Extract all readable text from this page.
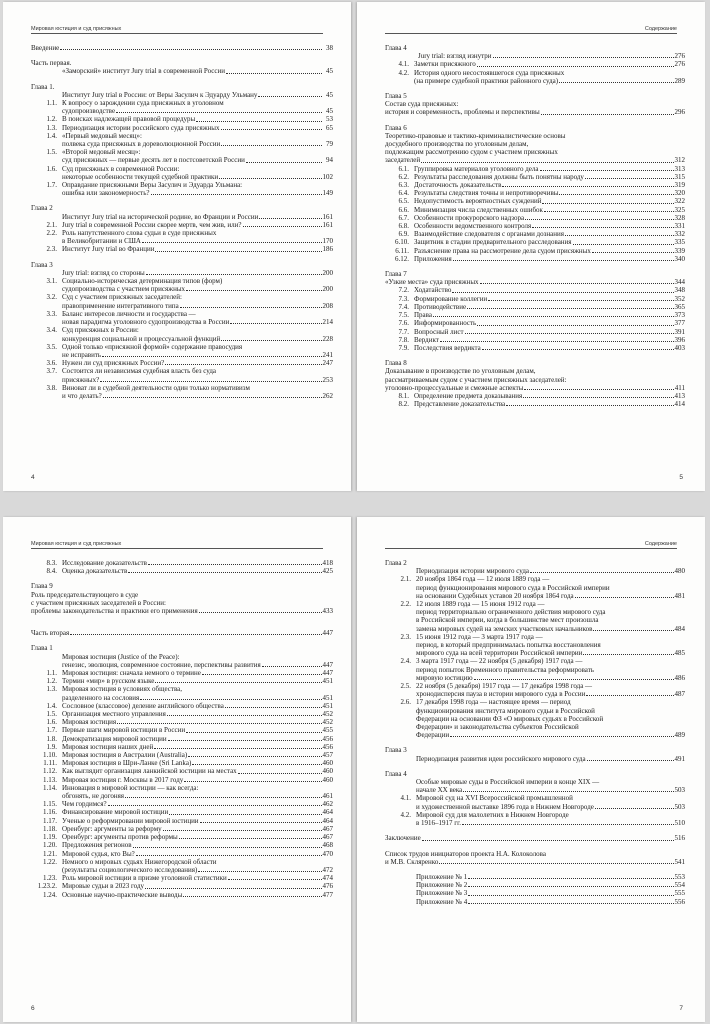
Мировая юстиция и суд присяжных
Введение	38
Часть первая.
«Заморский» институт Jury trial в современной России	45
Глава 1.
Институт Jury trial в России: от Веры Засулич к Эдуарду Ульману	45
1.1. К вопросу о зарождении суда присяжных в уголовном
судопроизводстве	45
1.2. В поисках надлежащей правовой процедуры	53
1.3. Периодизация истории российского суда присяжных	65
1.4. «Первый медовый месяц»:
полвека суда присяжных в дореволюционной России	79
1.5. «Второй медовый месяц»:
суд присяжных — первые десять лет в постсоветской России	94
1.6. Суд присяжных в современной России:
некоторые особенности текущей судебной практики	102
1.7. Оправдание присяжными Веры Засулич и Эдуарда Ульмана:
ошибка или закономерность?	149
Глава 2
Институт Jury trial на исторической родине, во Франции и России	161
2.1. Jury trial в современной России скорее мертв, чем жив, или?	161
2.2. Роль напутственного слова судьи в суде присяжных
в Великобритании и США	170
2.3. Институт Jury trial во Франции	186
Глава 3
Jury trial: взгляд со стороны	200
3.1. Социально-историческая детерминация типов (форм)
судопроизводства с участием присяжных	200
3.2. Суд с участием присяжных заседателей:
правоприменение интегративного типа	208
3.3. Баланс интересов личности и государства —
новая парадигма уголовного судопроизводства в России	214
3.4. Суд присяжных в России:
конкуренция социальной и процессуальной функций	228
3.5. Одной только «присяжной формой» содержание правосудия
не исправить	241
3.6. Нужен ли суд присяжных России?	247
3.7. Состоится ли независимая судебная власть без суда
присяжных?	253
3.8. Виноват ли в судебной деятельности один только нормативизм
и что делать?	262
4
Содержание
Глава 4
Jury trial: взгляд изнутри	276
4.1. Заметки присяжного	276
4.2. История одного несостоявшегося суда присяжных
(на примере судебной практики районного суда)	289
Глава 5
Состав суда присяжных:
история и современность, проблемы и перспективы	296
Глава 6
Теоретико-правовые и тактико-криминалистические основы
досудебного производства по уголовным делам,
подлежащим рассмотрению судом с участием присяжных
заседателей	312
6.1. Группировка материалов уголовного дела	313
6.2. Результаты расследования должны быть понятны народу	315
6.3. Достаточность доказательств	319
6.4. Результаты следствия точны и непротиворечивы	320
6.5. Недопустимость вероятностных суждений	322
6.6. Минимизация числа следственных ошибок	325
6.7. Особенности прокурорского надзора	328
6.8. Особенности ведомственного контроля	331
6.9. Взаимодействие следователя с органами дознания	332
6.10. Защитник в стадии предварительного расследования	335
6.11. Разъяснение права на рассмотрение дела судом присяжных	339
6.12. Приложения	340
Глава 7
«Узкие места» суда присяжных	344
7.2. Ходатайство	348
7.3. Формирование коллегии	352
7.4. Противодействие	365
7.5. Права	373
7.6. Информированность	377
7.7. Вопросный лист	391
7.8. Вердикт	396
7.9. Последствия вердикта	403
Глава 8
Доказывание в производстве по уголовным делам,
рассматриваемым судом с участием присяжных заседателей:
уголовно-процессуальные и смежные аспекты	411
8.1. Определение предмета доказывания	413
8.2. Представление доказательства	414
5
Мировая юстиция и суд присяжных
8.3. Исследование доказательств	418
8.4. Оценка доказательств	425
Глава 9
Роль председательствующего в суде
с участием присяжных заседателей в России:
проблемы законодательства и практики его применения	433
Часть вторая	447
Глава 1
Мировая юстиция (Justice of the Peace):
генезис, эволюция, современное состояние, перспективы развития	447
1.1. Мировая юстиция: сначала немного о термине	447
1.2. Термин «мир» в русском языке	451
1.3. Мировая юстиция в условиях общества,
разделенного на сословия	451
1.4. Сословное (классовое) деление английского общества	451
1.5. Организация местного управления	452
1.6. Мировая юстиция	452
1.7. Первые шаги мировой юстиции в России	455
1.8. Демократизация мировой юстиции	456
1.9. Мировая юстиция наших дней	456
1.10. Мировая юстиция в Австралии (Australia)	457
1.11. Мировая юстиция в Шри-Ланке (Sri Lanka)	460
1.12. Как выглядит организация ланкийской юстиции на местах	460
1.13. Мировая юстиция г. Москвы в 2017 году	460
1.14. Инновация в мировой юстиции — как всегда:
обгонять, не догоняя	461
1.15. Чем гордимся?	462
1.16. Финансирование мировой юстиции	464
1.17. Ученые о реформировании мировой юстиции	464
1.18. Оренбург: аргументы за реформу	467
1.19. Оренбург: аргументы против реформы	467
1.20. Предложения регионов	468
1.21. Мировой судья, кто Вы?	470
1.22. Немного о мировых судьях Нижегородской области
(результаты социологического исследования)	472
1.23. Роль мировой юстиции в призме уголовной статистики	474
1.23.2. Мировые судьи в 2023 году	476
1.24. Основные научно-практические выводы	477
6
Содержание
Глава 2
Периодизация истории мирового суда	480
2.1. 20 ноября 1864 года — 12 июля 1889 года —
период функционирования мирового суда в Российской империи
на основании Судебных уставов 20 ноября 1864 года	481
2.2. 12 июля 1889 года — 15 июня 1912 года —
период территориально ограниченного действия мирового суда
в Российской империи, когда в большинстве мест произошла
замена мировых судей на земских участковых начальников	484
2.3. 15 июня 1912 года — 3 марта 1917 года —
период, в который предпринималась попытка восстановления
мирового суда на всей территории Российской империи	485
2.4. 3 марта 1917 года — 22 ноября (5 декабря) 1917 года —
период попыток Временного правительства реформировать
мировую юстицию	486
2.5. 22 ноября (5 декабря) 1917 года — 17 декабря 1998 года —
хронодисперсия пауза в истории мирового суда в России	487
2.6. 17 декабря 1998 года — настоящее время — период
функционирования института мирового судьи в Российской
Федерации на основании ФЗ «О мировых судьях в Российской
Федерации» и законодательства субъектов Российской
Федерации	489
Глава 3
Периодизация развития идеи российского мирового суда	491
Глава 4
Особые мировые суды в Российской империи в конце XIX —
начале XX века	503
4.1. Мировой суд на XVI Всероссийской промышленной
и художественной выставке 1896 года в Нижнем Новгороде	503
4.2. Мировой суд для малолетних в Нижнем Новгороде
в 1916–1917 гг.	510
Заключение	516
Список трудов инициаторов проекта Н.А. Колоколова
и М.В. Скляренко	541
Приложение № 1	553
Приложение № 2	554
Приложение № 3	555
Приложение № 4	556
7
